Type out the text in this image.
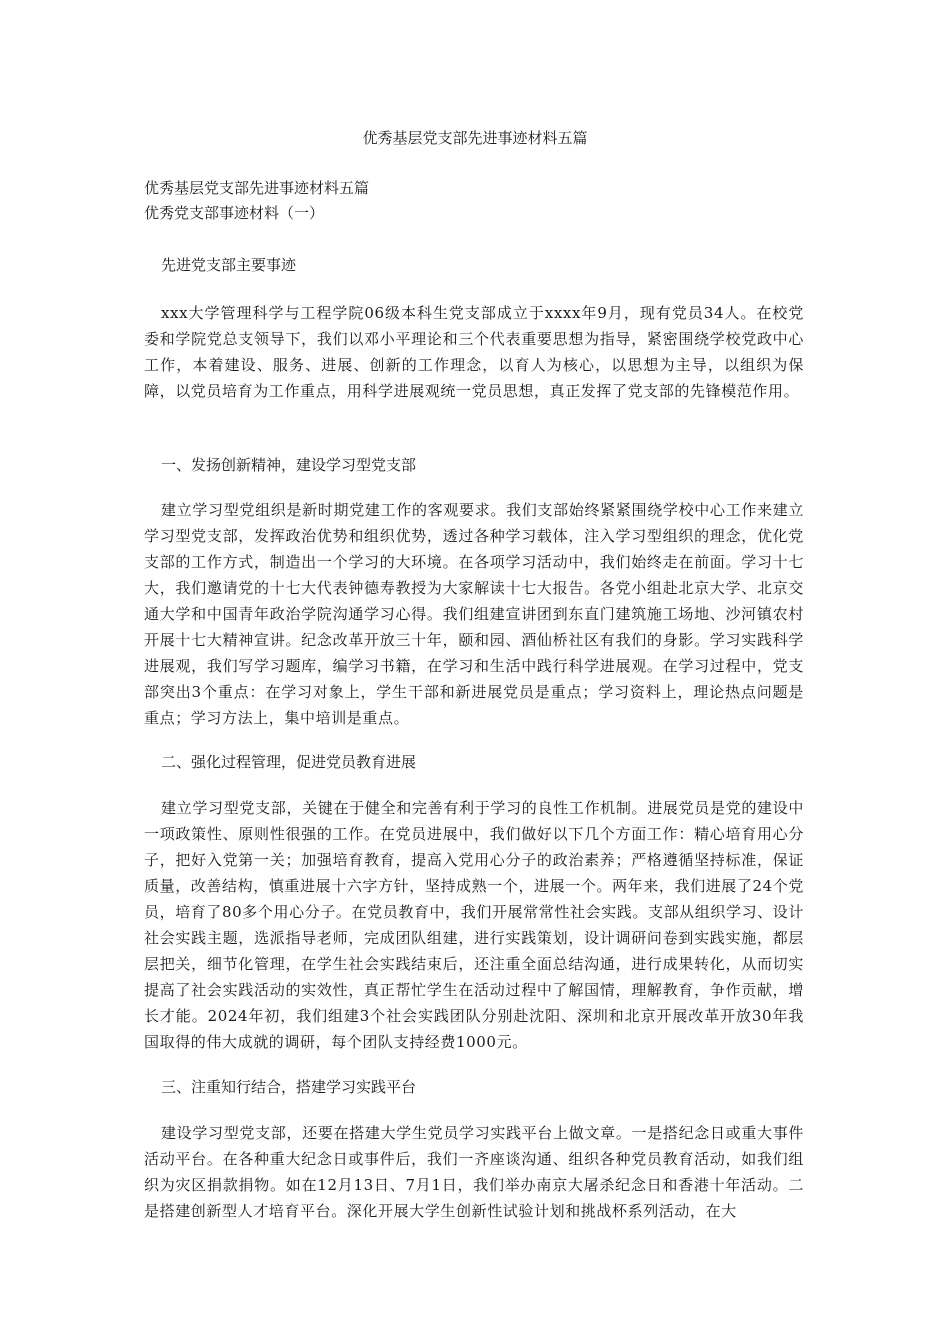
优秀基层党支部先进事迹材料五篇

优秀基层党支部先进事迹材料五篇

优秀党支部事迹材料（一）

先进党支部主要事迹

xxx大学管理科学与工程学院06级本科生党支部成立于xxxx年9月，现有党员34人。在校党委和学院党总支领导下，我们以邓小平理论和三个代表重要思想为指导，紧密围绕学校党政中心工作，本着建设、服务、进展、创新的工作理念，以育人为核心，以思想为主导，以组织为保障，以党员培育为工作重点，用科学进展观统一党员思想，真正发挥了党支部的先锋模范作用。

一、发扬创新精神，建设学习型党支部

建立学习型党组织是新时期党建工作的客观要求。我们支部始终紧紧围绕学校中心工作来建立学习型党支部，发挥政治优势和组织优势，透过各种学习载体，注入学习型组织的理念，优化党支部的工作方式，制造出一个学习的大环境。在各项学习活动中，我们始终走在前面。学习十七大，我们邀请党的十七大代表钟德寿教授为大家解读十七大报告。各党小组赴北京大学、北京交通大学和中国青年政治学院沟通学习心得。我们组建宣讲团到东直门建筑施工场地、沙河镇农村开展十七大精神宣讲。纪念改革开放三十年，颐和园、酒仙桥社区有我们的身影。学习实践科学进展观，我们写学习题库，编学习书籍，在学习和生活中践行科学进展观。在学习过程中，党支部突出3个重点：在学习对象上，学生干部和新进展党员是重点；学习资料上，理论热点问题是重点；学习方法上，集中培训是重点。

二、强化过程管理，促进党员教育进展

建立学习型党支部，关键在于健全和完善有利于学习的良性工作机制。进展党员是党的建设中一项政策性、原则性很强的工作。在党员进展中，我们做好以下几个方面工作：精心培育用心分子，把好入党第一关；加强培育教育，提高入党用心分子的政治素养；严格遵循坚持标准，保证质量，改善结构，慎重进展十六字方针，坚持成熟一个，进展一个。两年来，我们进展了24个党员，培育了80多个用心分子。在党员教育中，我们开展常常性社会实践。支部从组织学习、设计社会实践主题，选派指导老师，完成团队组建，进行实践策划，设计调研问卷到实践实施，都层层把关，细节化管理，在学生社会实践结束后，还注重全面总结沟通，进行成果转化，从而切实提高了社会实践活动的实效性，真正帮忙学生在活动过程中了解国情，理解教育，争作贡献，增长才能。2024年初，我们组建3个社会实践团队分别赴沈阳、深圳和北京开展改革开放30年我国取得的伟大成就的调研，每个团队支持经费1000元。

三、注重知行结合，搭建学习实践平台

建设学习型党支部，还要在搭建大学生党员学习实践平台上做文章。一是搭纪念日或重大事件活动平台。在各种重大纪念日或事件后，我们一齐座谈沟通、组织各种党员教育活动，如我们组织为灾区捐款捐物。如在12月13日、7月1日，我们举办南京大屠杀纪念日和香港十年活动。二是搭建创新型人才培育平台。深化开展大学生创新性试验计划和挑战杯系列活动，在大
